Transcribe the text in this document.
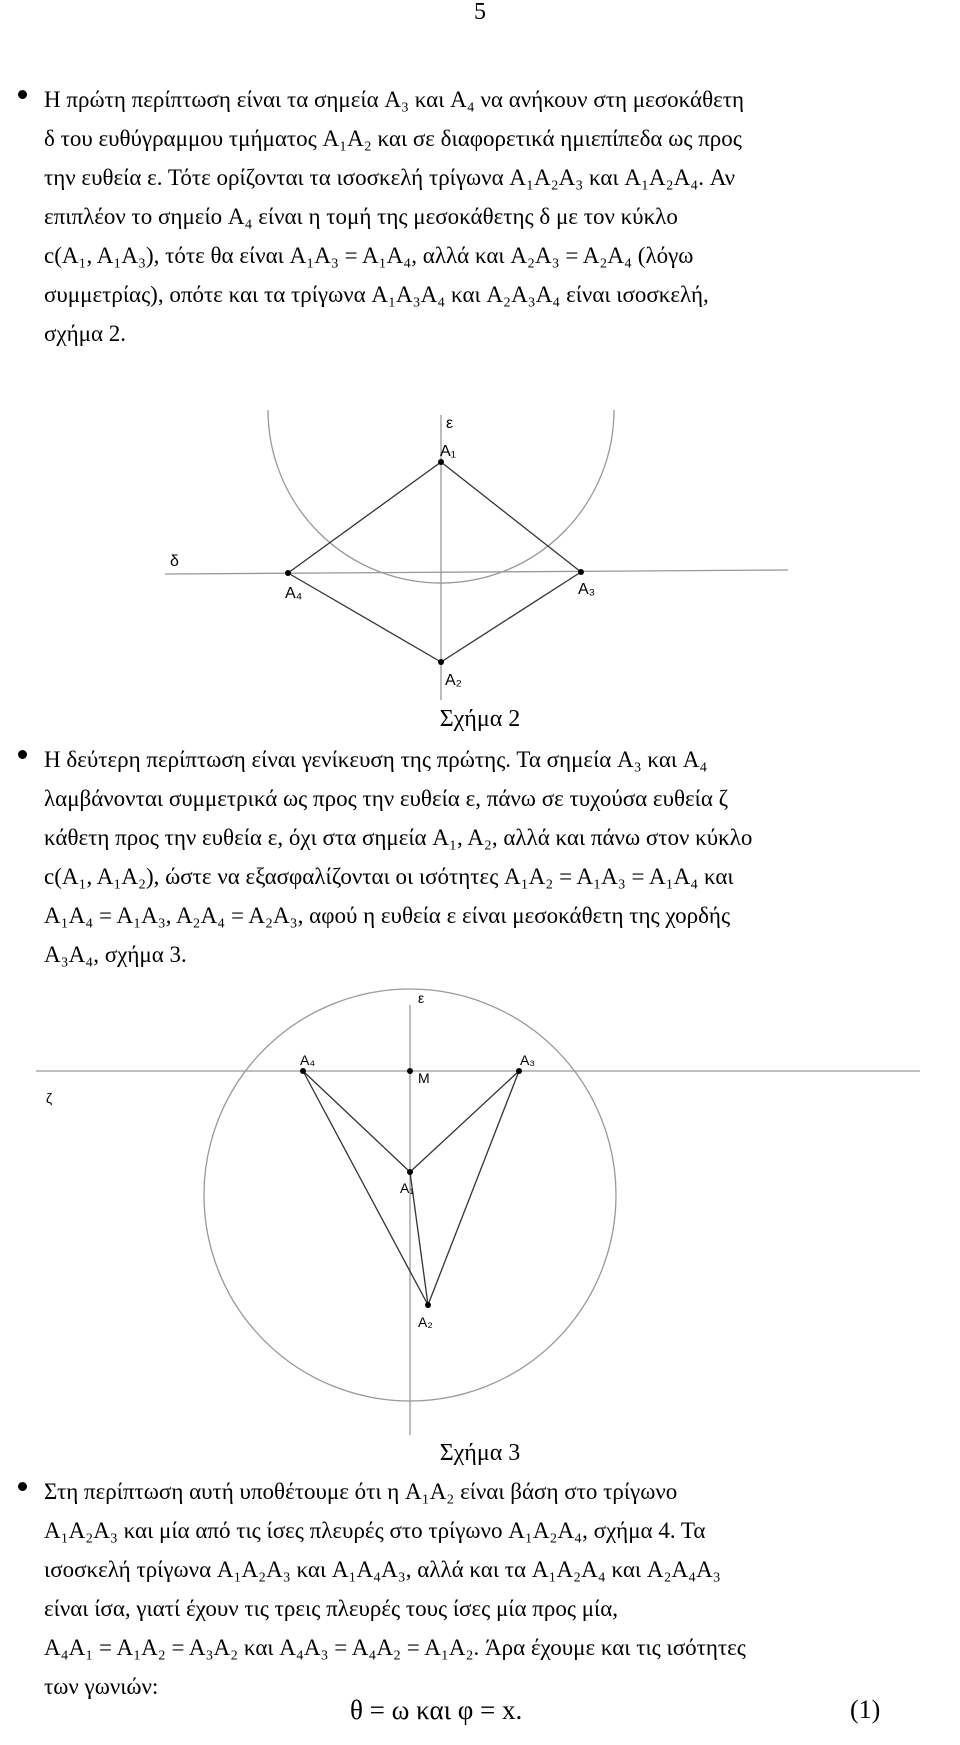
5

Η πρώτη περίπτωση είναι τα σημεία A₃ και A₄ να ανήκουν στη μεσοκάθετη
δ του ευθύγραμμου τμήματος A₁A₂ και σε διαφορετικά ημιεπίπεδα ως προς
την ευθεία ε. Τότε ορίζονται τα ισοσκελή τρίγωνα A₁A₂A₃ και A₁A₂A₄. Αν
επιπλέον το σημείο A₄ είναι η τομή της μεσοκάθετης δ με τον κύκλο
c(A₁, A₁A₃), τότε θα είναι A₁A₃ = A₁A₄, αλλά και A₂A₃ = A₂A₄ (λόγω
συμμετρίας), οπότε και τα τρίγωνα A₁A₃A₄ και A₂A₃A₄ είναι ισοσκελή,
σχήμα 2.

ε
δ
A₁
A₂
A₃
A₄
Σχήμα 2

Η δεύτερη περίπτωση είναι γενίκευση της πρώτης. Τα σημεία A₃ και A₄
λαμβάνονται συμμετρικά ως προς την ευθεία ε, πάνω σε τυχούσα ευθεία ζ
κάθετη προς την ευθεία ε, όχι στα σημεία A₁, A₂, αλλά και πάνω στον κύκλο
c(A₁, A₁A₂), ώστε να εξασφαλίζονται οι ισότητες A₁A₂ = A₁A₃ = A₁A₄ και
A₁A₄ = A₁A₃, A₂A₄ = A₂A₃, αφού η ευθεία ε είναι μεσοκάθετη της χορδής
A₃A₄, σχήμα 3.

ε
ζ
M
A₁
A₂
A₃
A₄
Σχήμα 3

Στη περίπτωση αυτή υποθέτουμε ότι η A₁A₂ είναι βάση στο τρίγωνο
A₁A₂A₃ και μία από τις ίσες πλευρές στο τρίγωνο A₁A₂A₄, σχήμα 4. Τα
ισοσκελή τρίγωνα A₁A₂A₃ και A₁A₄A₃, αλλά και τα A₁A₂A₄ και A₂A₄A₃
είναι ίσα, γιατί έχουν τις τρεις πλευρές τους ίσες μία προς μία,
A₄A₁ = A₁A₂ = A₃A₂ και A₄A₃ = A₄A₂ = A₁A₂. Άρα έχουμε και τις ισότητες
των γωνιών:

θ = ω και φ = x.	(1)
